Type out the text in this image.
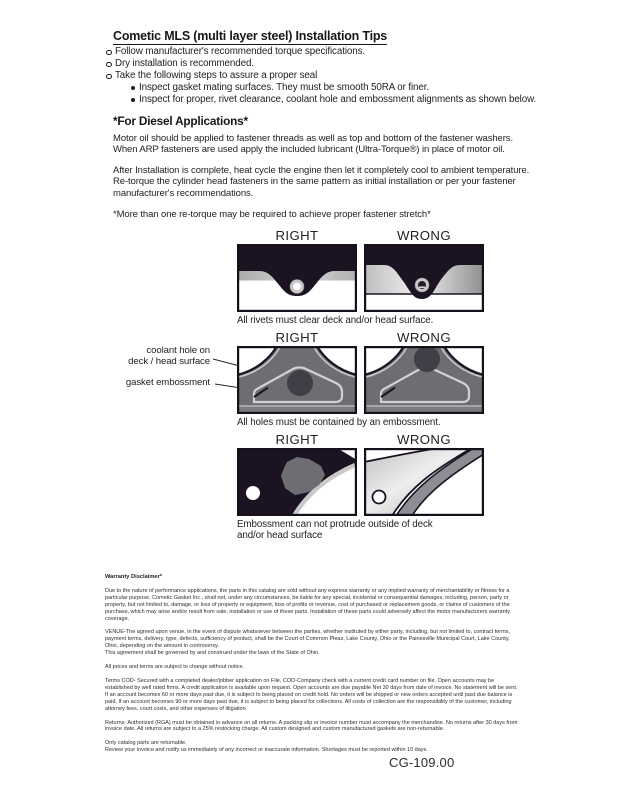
Cometic MLS (multi layer steel) Installation Tips
Follow manufacturer's recommended torque specifications.
Dry installation is recommended.
Take the following steps to assure a proper seal
Inspect gasket mating surfaces. They must be smooth 50RA or finer.
Inspect for proper, rivet clearance, coolant hole and embossment alignments as shown below.
*For Diesel Applications*

Motor oil should be applied to fastener threads as well as top and bottom of the fastener washers. When ARP fasteners are used apply the included lubricant (Ultra-Torque®) in place of motor oil.

After Installation is complete, heat cycle the engine then let it completely cool to ambient temperature. Re-torque the cylinder head fasteners in the same pattern as initial installation or per your fastener manufacturer's recommendations.

*More than one re-torque may be required to achieve proper fastener stretch*

RIGHT	WRONG
All rivets must clear deck and/or head surface.
RIGHT	WRONG
coolant hole on
deck / head surface
gasket embossment
All holes must be contained by an embossment.
RIGHT	WRONG
Embossment can not protrude outside of deck and/or head surface
Warranty Disclaimer*

Due to the nature of performance applications, the parts in this catalog are sold without any express warranty or any implied warranty of merchantability or fitness for a particular purpose. Cometic Gasket Inc., shall not, under any circumstances, be liable for any special, incidental or consequential damages, including, person, party or property, but not limited to, damage, or loss of property or equipment, loss of profits or revenue, cost of purchased or replacement goods, or claims of customers of the purchase, which may arise and/or result from sale, installation or use of these parts. Installation of these parts could adversely affect the motor manufacturers warranty coverage.

VENUE-The agreed upon venue, in the event of dispute whatsoever between the parties, whether instituted by either party, including, but not limited to, contract terms, payment terms, delivery, type, defects, sufficiency of product, shall be the Court of Common Pleas, Lake County, Ohio or the Painesville Municipal Court, Lake County, Ohio, depending on the amount in controversy.
This agreement shall be governed by and construed under the laws of the State of Ohio.

All prices and terms are subject to change without notice.

Terms COD- Secured with a completed dealer/jobber application on File, COD-Company check with a current credit card number on file. Open accounts may be established by well rated firms. A credit application is available upon request. Open accounts are due payable Net 30 days from date of invoice. No statement will be sent. If an account becomes 60 or more days past due, it is subject to being placed on credit hold. No orders will be shipped or new orders accepted until past due balance is paid. If an account becomes 90 or more days past due, it is subject to being placed for collections. All costs of collection are the responsibility of the customer, including attorney fees, court costs, and other expenses of litigation.

Returns- Authorized (RGA) must be obtained in advance on all returns. A packing slip or invoice number must accompany the merchandise. No returns after 30 days from invoice date. All returns are subject to a 25% restocking charge. All custom designed and custom manufactured gaskets are non-returnable.

Only catalog parts are returnable.
Review your invoice and notify us immediately of any incorrect or inaccurate information. Shortages must be reported within 10 days.
CG-109.00
